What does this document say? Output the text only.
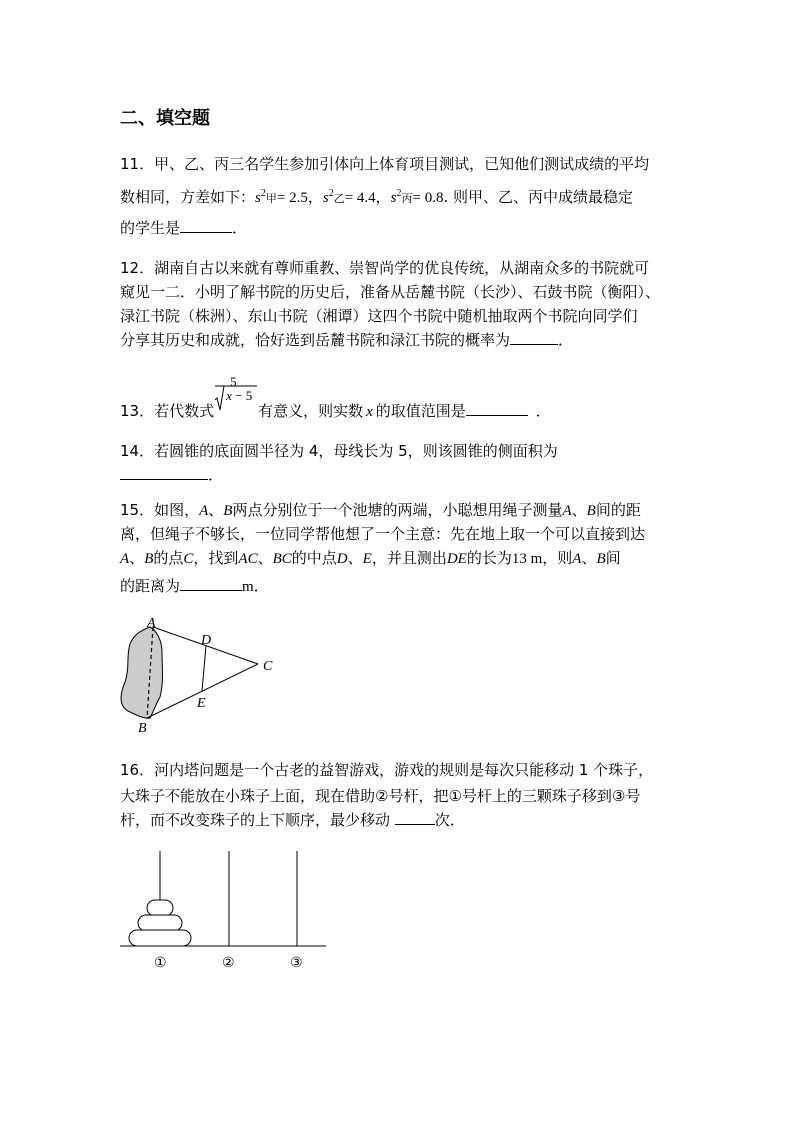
二、填空题
11．甲、乙、丙三名学生参加引体向上体育项目测试，已知他们测试成绩的平均
数相同，方差如下：$s^2$甲= 2.5，$s^2$乙= 4.4，$s^2$丙= 0.8. 则甲、乙、丙中成绩最稳定
的学生是	．
12．湖南自古以来就有尊师重教、崇智尚学的优良传统，从湖南众多的书院就可
窥见一二．小明了解书院的历史后，准备从岳麓书院（长沙）、石鼓书院（衡阳）、
渌江书院（株洲）、东山书院（湘谭）这四个书院中随机抽取两个书院向同学们
分享其历史和成就，恰好选到岳麓书院和渌江书院的概率为	．
13．若代数式
5
x − 5
有意义，则实数 x 的取值范围是	．
14．若圆锥的底面圆半径为 4，母线长为 5，则该圆锥的侧面积为
．
15．如图，A、B两点分别位于一个池塘的两端，小聪想用绳子测量A、B间的距
离，但绳子不够长，一位同学帮他想了一个主意：先在地上取一个可以直接到达
A、B的点C，找到AC、BC的中点D、E，并且测出DE的长为13 m，则A、B间
的距离为	m．
A
B
C
D
E
16．河内塔问题是一个古老的益智游戏，游戏的规则是每次只能移动 1 个珠子，
大珠子不能放在小珠子上面，现在借助②号杆，把①号杆上的三颗珠子移到③号
杆，而不改变珠子的上下顺序，最少移动	次．
①	②	③
